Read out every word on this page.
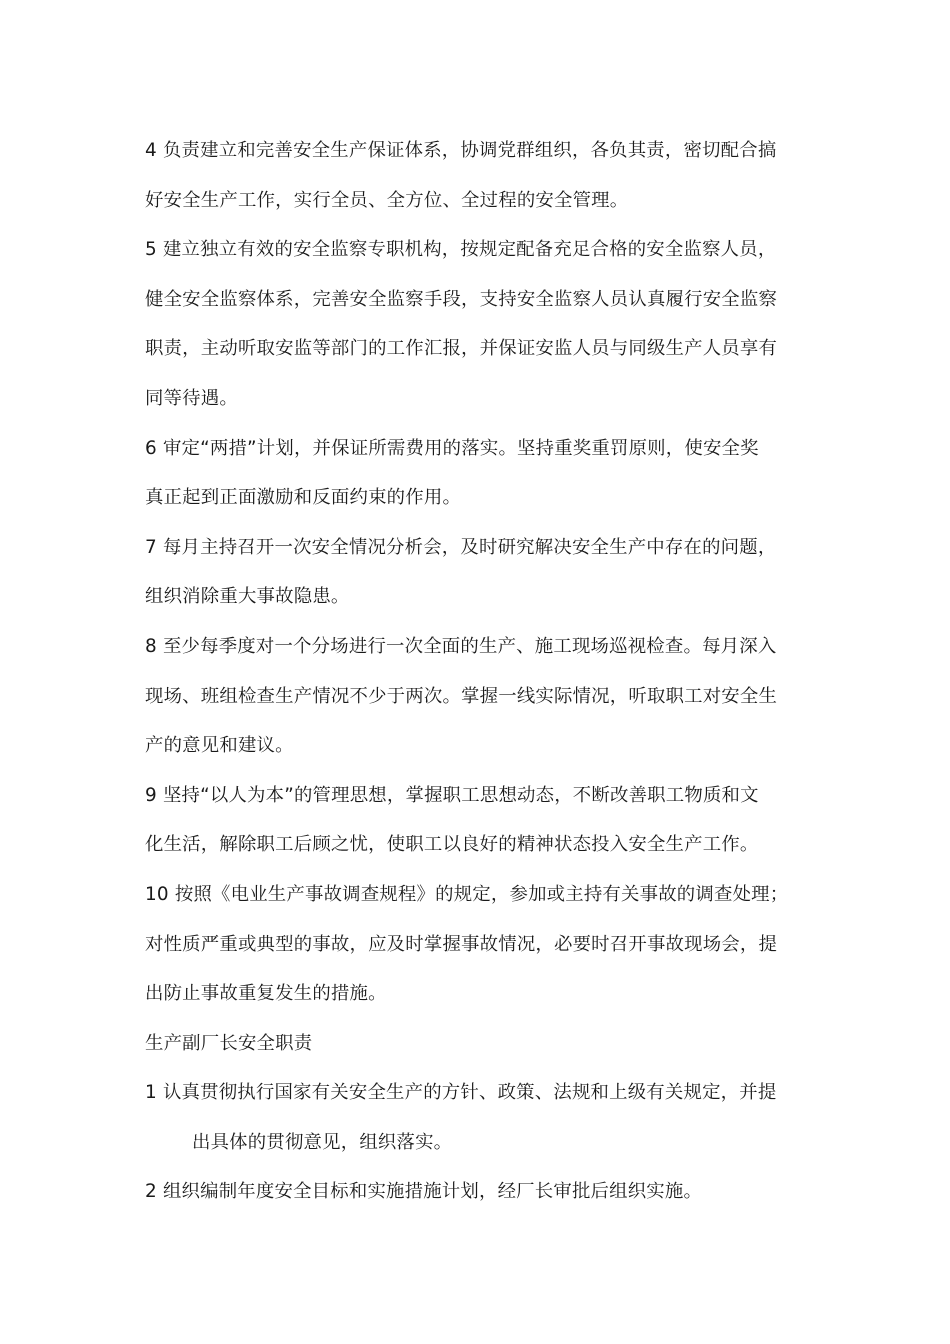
4 负责建立和完善安全生产保证体系，协调党群组织，各负其责，密切配合搞
好安全生产工作，实行全员、全方位、全过程的安全管理。
5 建立独立有效的安全监察专职机构，按规定配备充足合格的安全监察人员，
健全安全监察体系，完善安全监察手段，支持安全监察人员认真履行安全监察
职责，主动听取安监等部门的工作汇报，并保证安监人员与同级生产人员享有
同等待遇。
6 审定“两措”计划，并保证所需费用的落实。坚持重奖重罚原则，使安全奖
真正起到正面激励和反面约束的作用。
7 每月主持召开一次安全情况分析会，及时研究解决安全生产中存在的问题，
组织消除重大事故隐患。
8 至少每季度对一个分场进行一次全面的生产、施工现场巡视检查。每月深入
现场、班组检查生产情况不少于两次。掌握一线实际情况，听取职工对安全生
产的意见和建议。
9 坚持“以人为本”的管理思想，掌握职工思想动态，不断改善职工物质和文
化生活，解除职工后顾之忧，使职工以良好的精神状态投入安全生产工作。
10 按照《电业生产事故调查规程》的规定，参加或主持有关事故的调查处理；
对性质严重或典型的事故，应及时掌握事故情况，必要时召开事故现场会，提
出防止事故重复发生的措施。
生产副厂长安全职责
1 认真贯彻执行国家有关安全生产的方针、政策、法规和上级有关规定，并提
出具体的贯彻意见，组织落实。
2 组织编制年度安全目标和实施措施计划，经厂长审批后组织实施。
